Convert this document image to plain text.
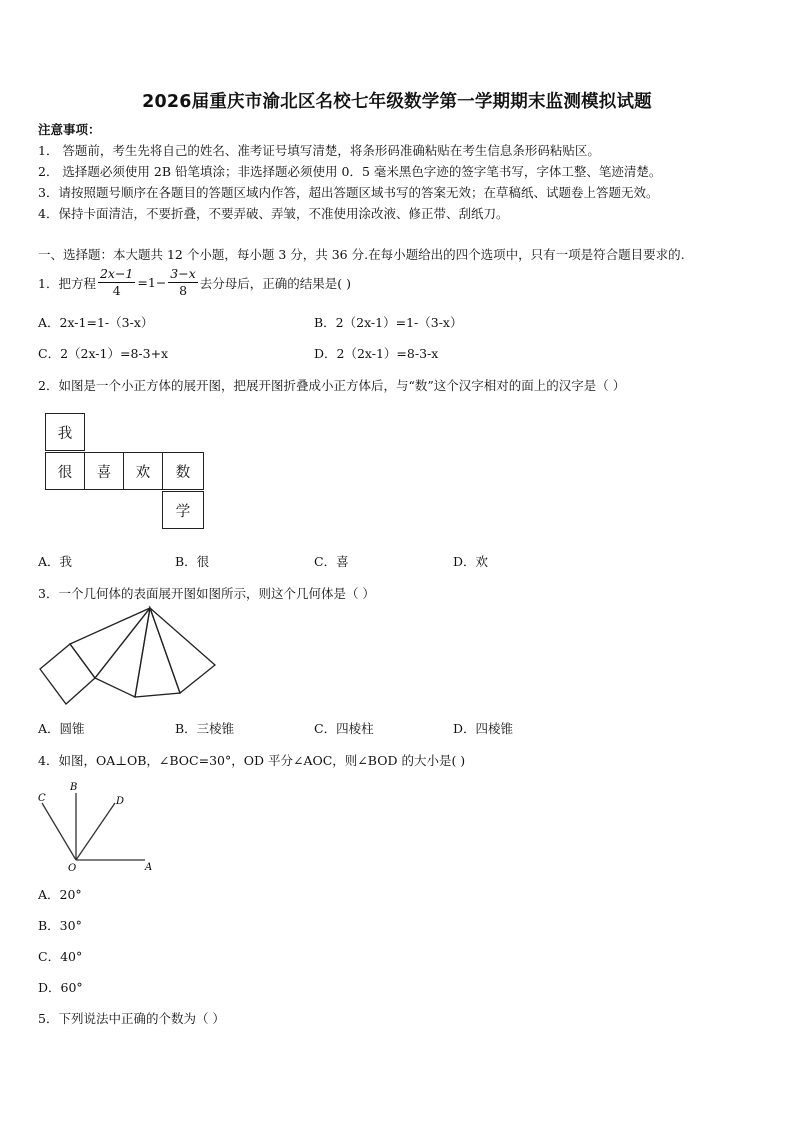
2026届重庆市渝北区名校七年级数学第一学期期末监测模拟试题
注意事项：
1． 答题前，考生先将自己的姓名、准考证号填写清楚，将条形码准确粘贴在考生信息条形码粘贴区。
2． 选择题必须使用 2B 铅笔填涂；非选择题必须使用 0．5 毫米黑色字迹的签字笔书写，字体工整、笔迹清楚。
3．请按照题号顺序在各题目的答题区域内作答，超出答题区域书写的答案无效；在草稿纸、试题卷上答题无效。
4．保持卡面清洁，不要折叠，不要弄破、弄皱，不准使用涂改液、修正带、刮纸刀。
一、选择题：本大题共 12 个小题，每小题 3 分，共 36 分.在每小题给出的四个选项中，只有一项是符合题目要求的.
1．把方程 $\frac{2x-1}{4} =1- \frac{3-x}{8}$ 去分母后，正确的结果是( )
A．2x-1=1-（3-x）	B．2（2x-1）=1-（3-x）
C．2（2x-1）=8-3+x	D．2（2x-1）=8-3-x
2．如图是一个小正方体的展开图，把展开图折叠成小正方体后，与“数”这个汉字相对的面上的汉字是（ ）
我
很	喜	欢	数
学
A．我	B．很	C．喜	D．欢
3．一个几何体的表面展开图如图所示，则这个几何体是（ ）
A．圆锥	B．三棱锥	C．四棱柱	D．四棱锥
4．如图，OA⊥OB，∠BOC=30°，OD 平分∠AOC，则∠BOD 的大小是( )
C
B
D
O	A
A．20°
B．30°
C．40°
D．60°
5．下列说法中正确的个数为（ ）
